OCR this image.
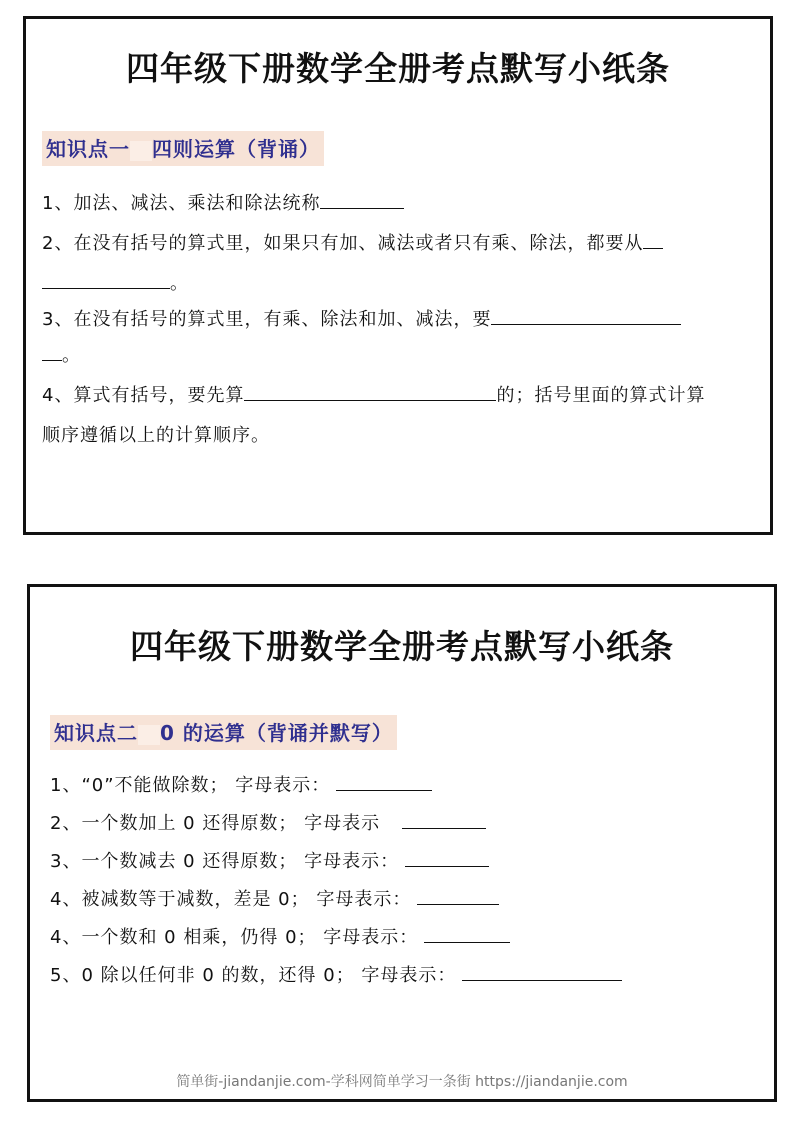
四年级下册数学全册考点默写小纸条
知识点一 四则运算（背诵）
1、加法、减法、乘法和除法统称
2、在没有括号的算式里，如果只有加、减法或者只有乘、除法，都要从
。
3、在没有括号的算式里，有乘、除法和加、减法，要
。
4、算式有括号，要先算	的；括号里面的算式计算
顺序遵循以上的计算顺序。
四年级下册数学全册考点默写小纸条
知识点二 0 的运算（背诵并默写）
1、“0”不能做除数； 字母表示：
2、一个数加上 0 还得原数； 字母表示
3、一个数减去 0 还得原数； 字母表示：
4、被减数等于减数，差是 0； 字母表示：
4、一个数和 0 相乘，仍得 0； 字母表示：
5、0 除以任何非 0 的数，还得 0； 字母表示：
简单街-jiandanjie.com-学科网简单学习一条街 https://jiandanjie.com
